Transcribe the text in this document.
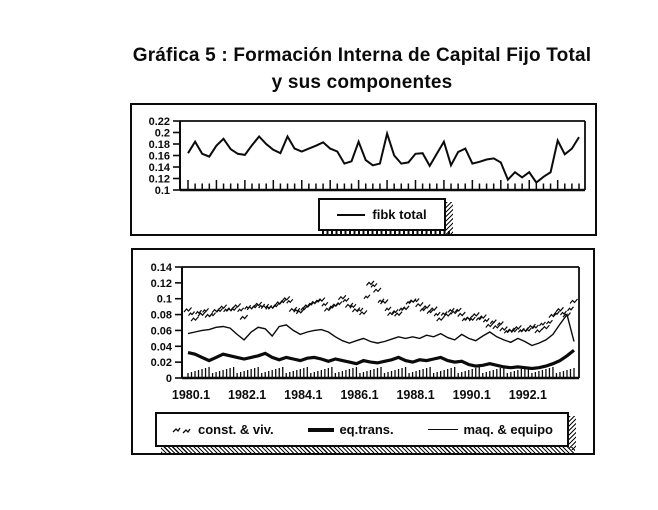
Gráfica 5 : Formación Interna de Capital Fijo Total
y sus componentes
0.22
0.2
0.18
0.16
0.14
0.12
0.1
fibk total
0.14
0.12
0.1
0.08
0.06
0.04
0.02
0
1980.1 1982.1 1984.1 1986.1 1988.1 1990.1 1992.1
const. & viv.	eq.trans.	maq. & equipo
